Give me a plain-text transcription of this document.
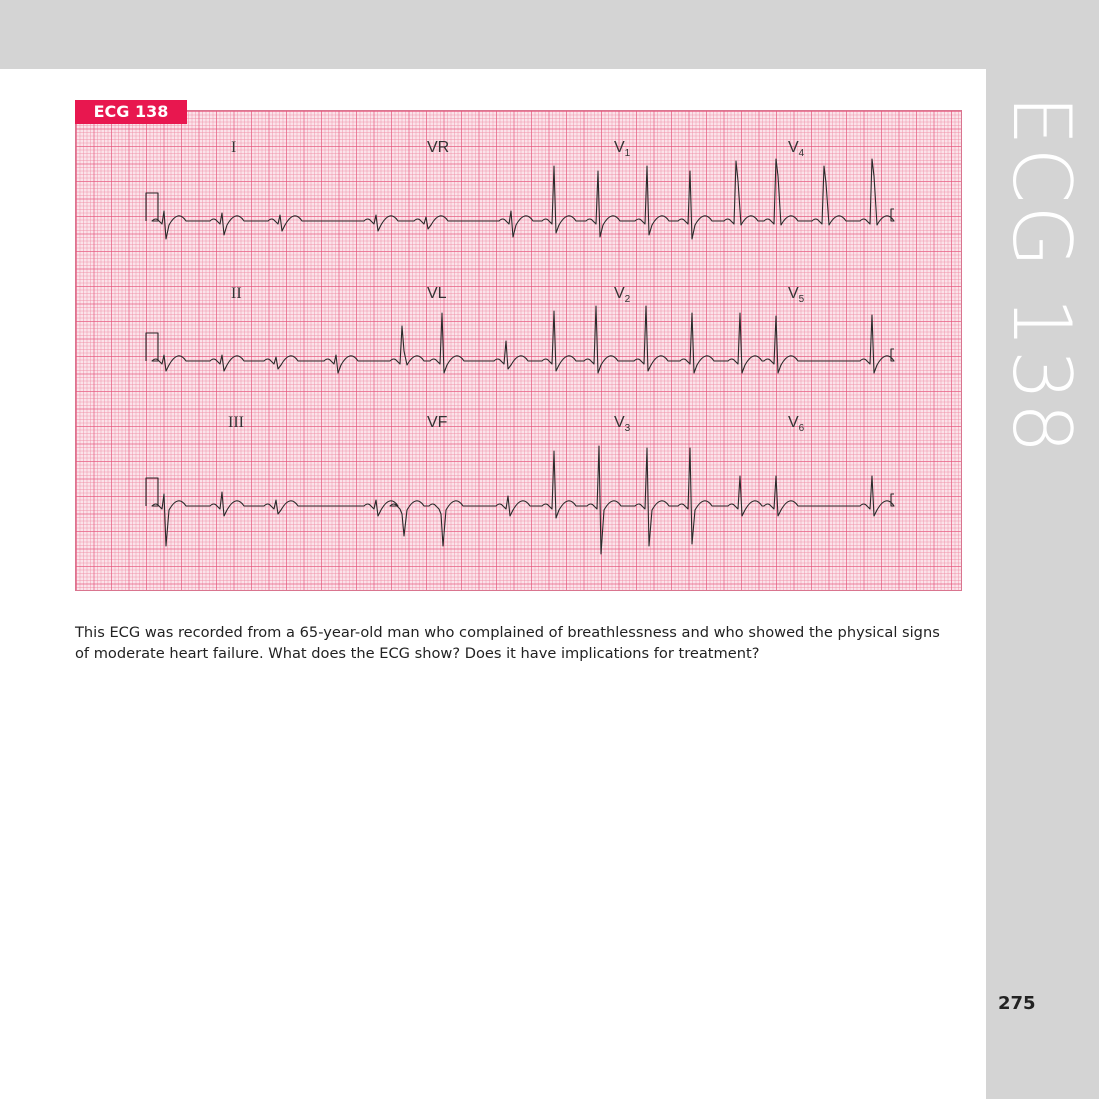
ECG 138
ECG 138
I	VR	$V_1$	$V_4$
II	VL	$V_2$	$V_5$
III	VF	$V_3$	$V_6$
This ECG was recorded from a 65-year-old man who complained of breathlessness and who showed the physical signs of moderate heart failure. What does the ECG show? Does it have implications for treatment?
275
